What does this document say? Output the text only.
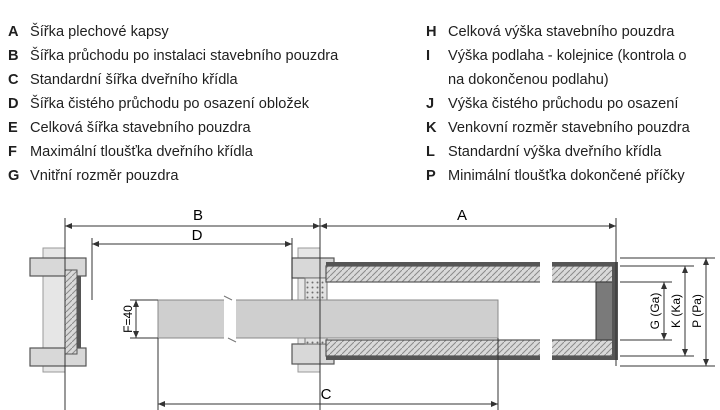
A Šířka plechové kapsy
B Šířka průchodu po instalaci stavebního pouzdra
C Standardní šířka dveřního křídla
D Šířka čistého průchodu po osazení obložek
E Celková šířka stavebního pouzdra
F Maximální tloušťka dveřního křídla
G Vnitřní rozměr pouzdra
H Celková výška stavebního pouzdra
I	Výška podlaha - kolejnice (kontrola o
na dokončenou podlahu)
J Výška čistého průchodu po osazení
K Venkovní rozměr stavebního pouzdra
L Standardní výška dveřního křídla
P Minimální tloušťka dokončené příčky
B
D
A
C
F=40	G (Ga) K (Ka) P (Pa)
